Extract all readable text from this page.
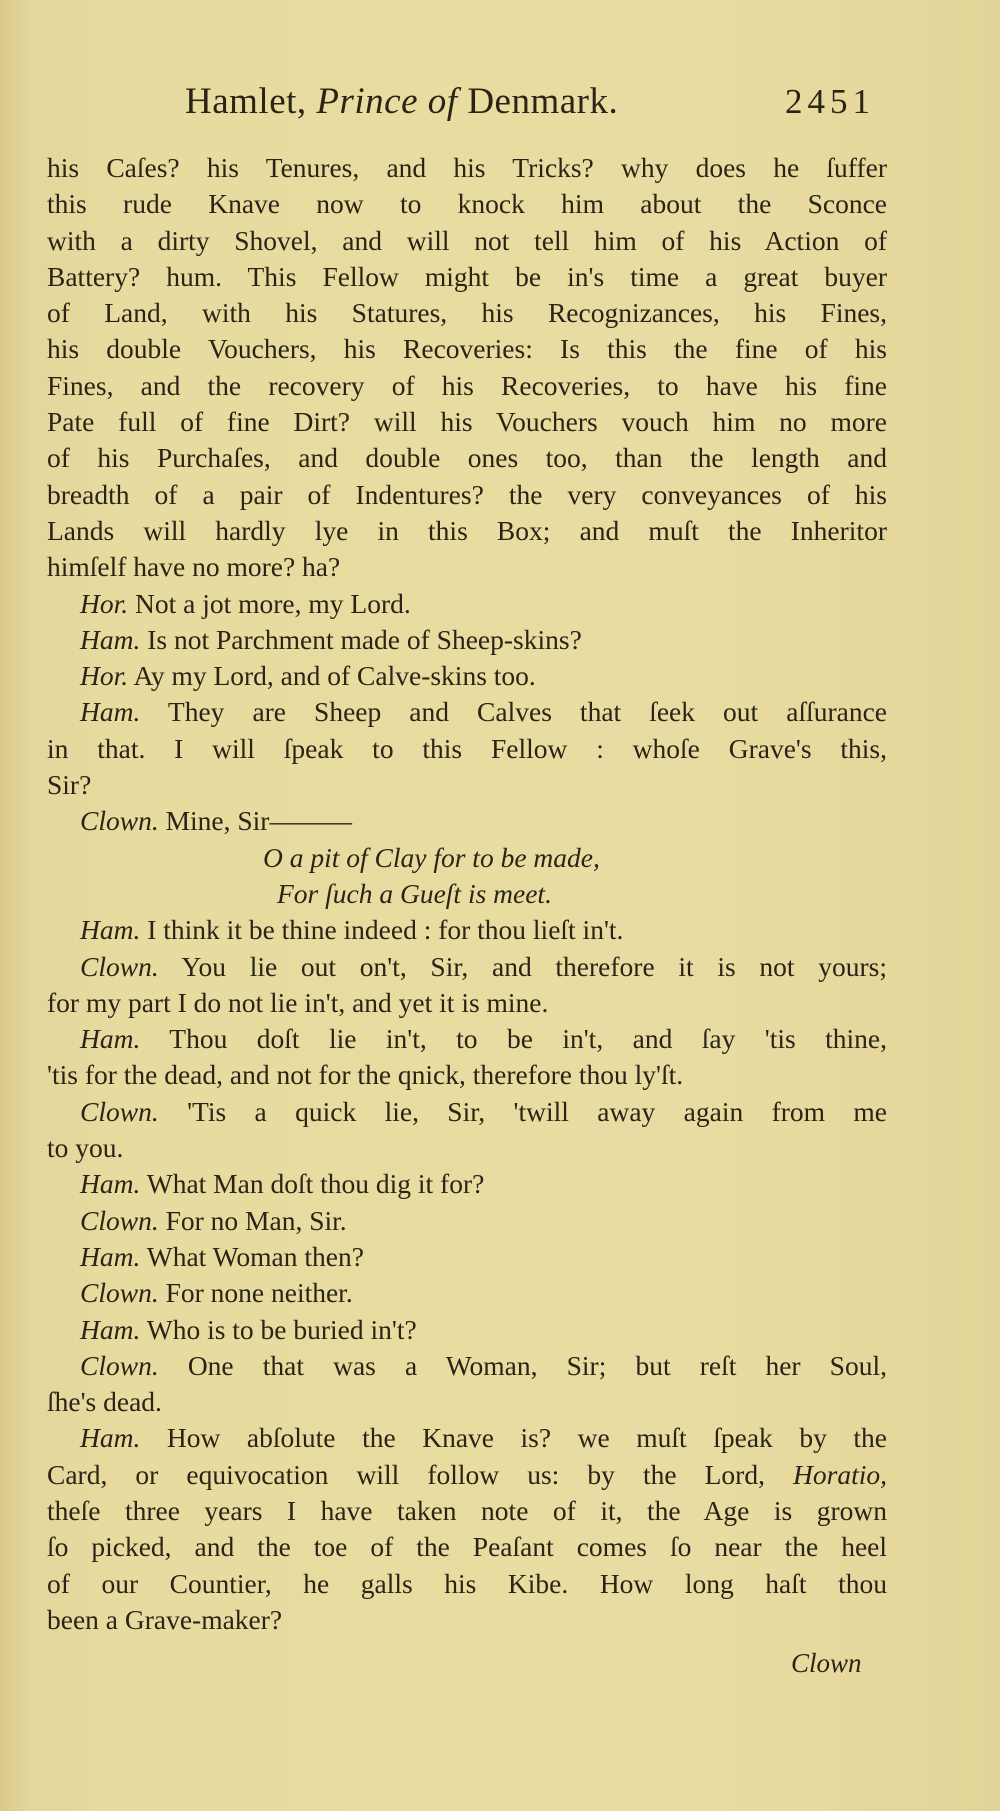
Hamlet, Prince of Denmark.	2451
his Caſes? his Tenures, and his Tricks? why does he ſuffer
this rude Knave now to knock him about the Sconce
with a dirty Shovel, and will not tell him of his Action of
Battery? hum. This Fellow might be in's time a great buyer
of Land, with his Statures, his Recognizances, his Fines,
his double Vouchers, his Recoveries: Is this the fine of his
Fines, and the recovery of his Recoveries, to have his fine
Pate full of fine Dirt? will his Vouchers vouch him no more
of his Purchaſes, and double ones too, than the length and
breadth of a pair of Indentures? the very conveyances of his
Lands will hardly lye in this Box; and muſt the Inheritor
himſelf have no more? ha?
Hor. Not a jot more, my Lord.
Ham. Is not Parchment made of Sheep-skins?
Hor. Ay my Lord, and of Calve-skins too.
Ham. They are Sheep and Calves that ſeek out aſſurance
in that. I will ſpeak to this Fellow : whoſe Grave's this,
Sir?
Clown. Mine, Sir———
O a pit of Clay for to be made,
For ſuch a Gueſt is meet.
Ham. I think it be thine indeed : for thou lieſt in't.
Clown. You lie out on't, Sir, and therefore it is not yours;
for my part I do not lie in't, and yet it is mine.
Ham. Thou doſt lie in't, to be in't, and ſay 'tis thine,
'tis for the dead, and not for the qnick, therefore thou ly'ſt.
Clown. 'Tis a quick lie, Sir, 'twill away again from me
to you.
Ham. What Man doſt thou dig it for?
Clown. For no Man, Sir.
Ham. What Woman then?
Clown. For none neither.
Ham. Who is to be buried in't?
Clown. One that was a Woman, Sir; but reſt her Soul,
ſhe's dead.
Ham. How abſolute the Knave is? we muſt ſpeak by the
Card, or equivocation will follow us: by the Lord, Horatio,
theſe three years I have taken note of it, the Age is grown
ſo picked, and the toe of the Peaſant comes ſo near the heel
of our Countier, he galls his Kibe. How long haſt thou
been a Grave-maker?
Clown
